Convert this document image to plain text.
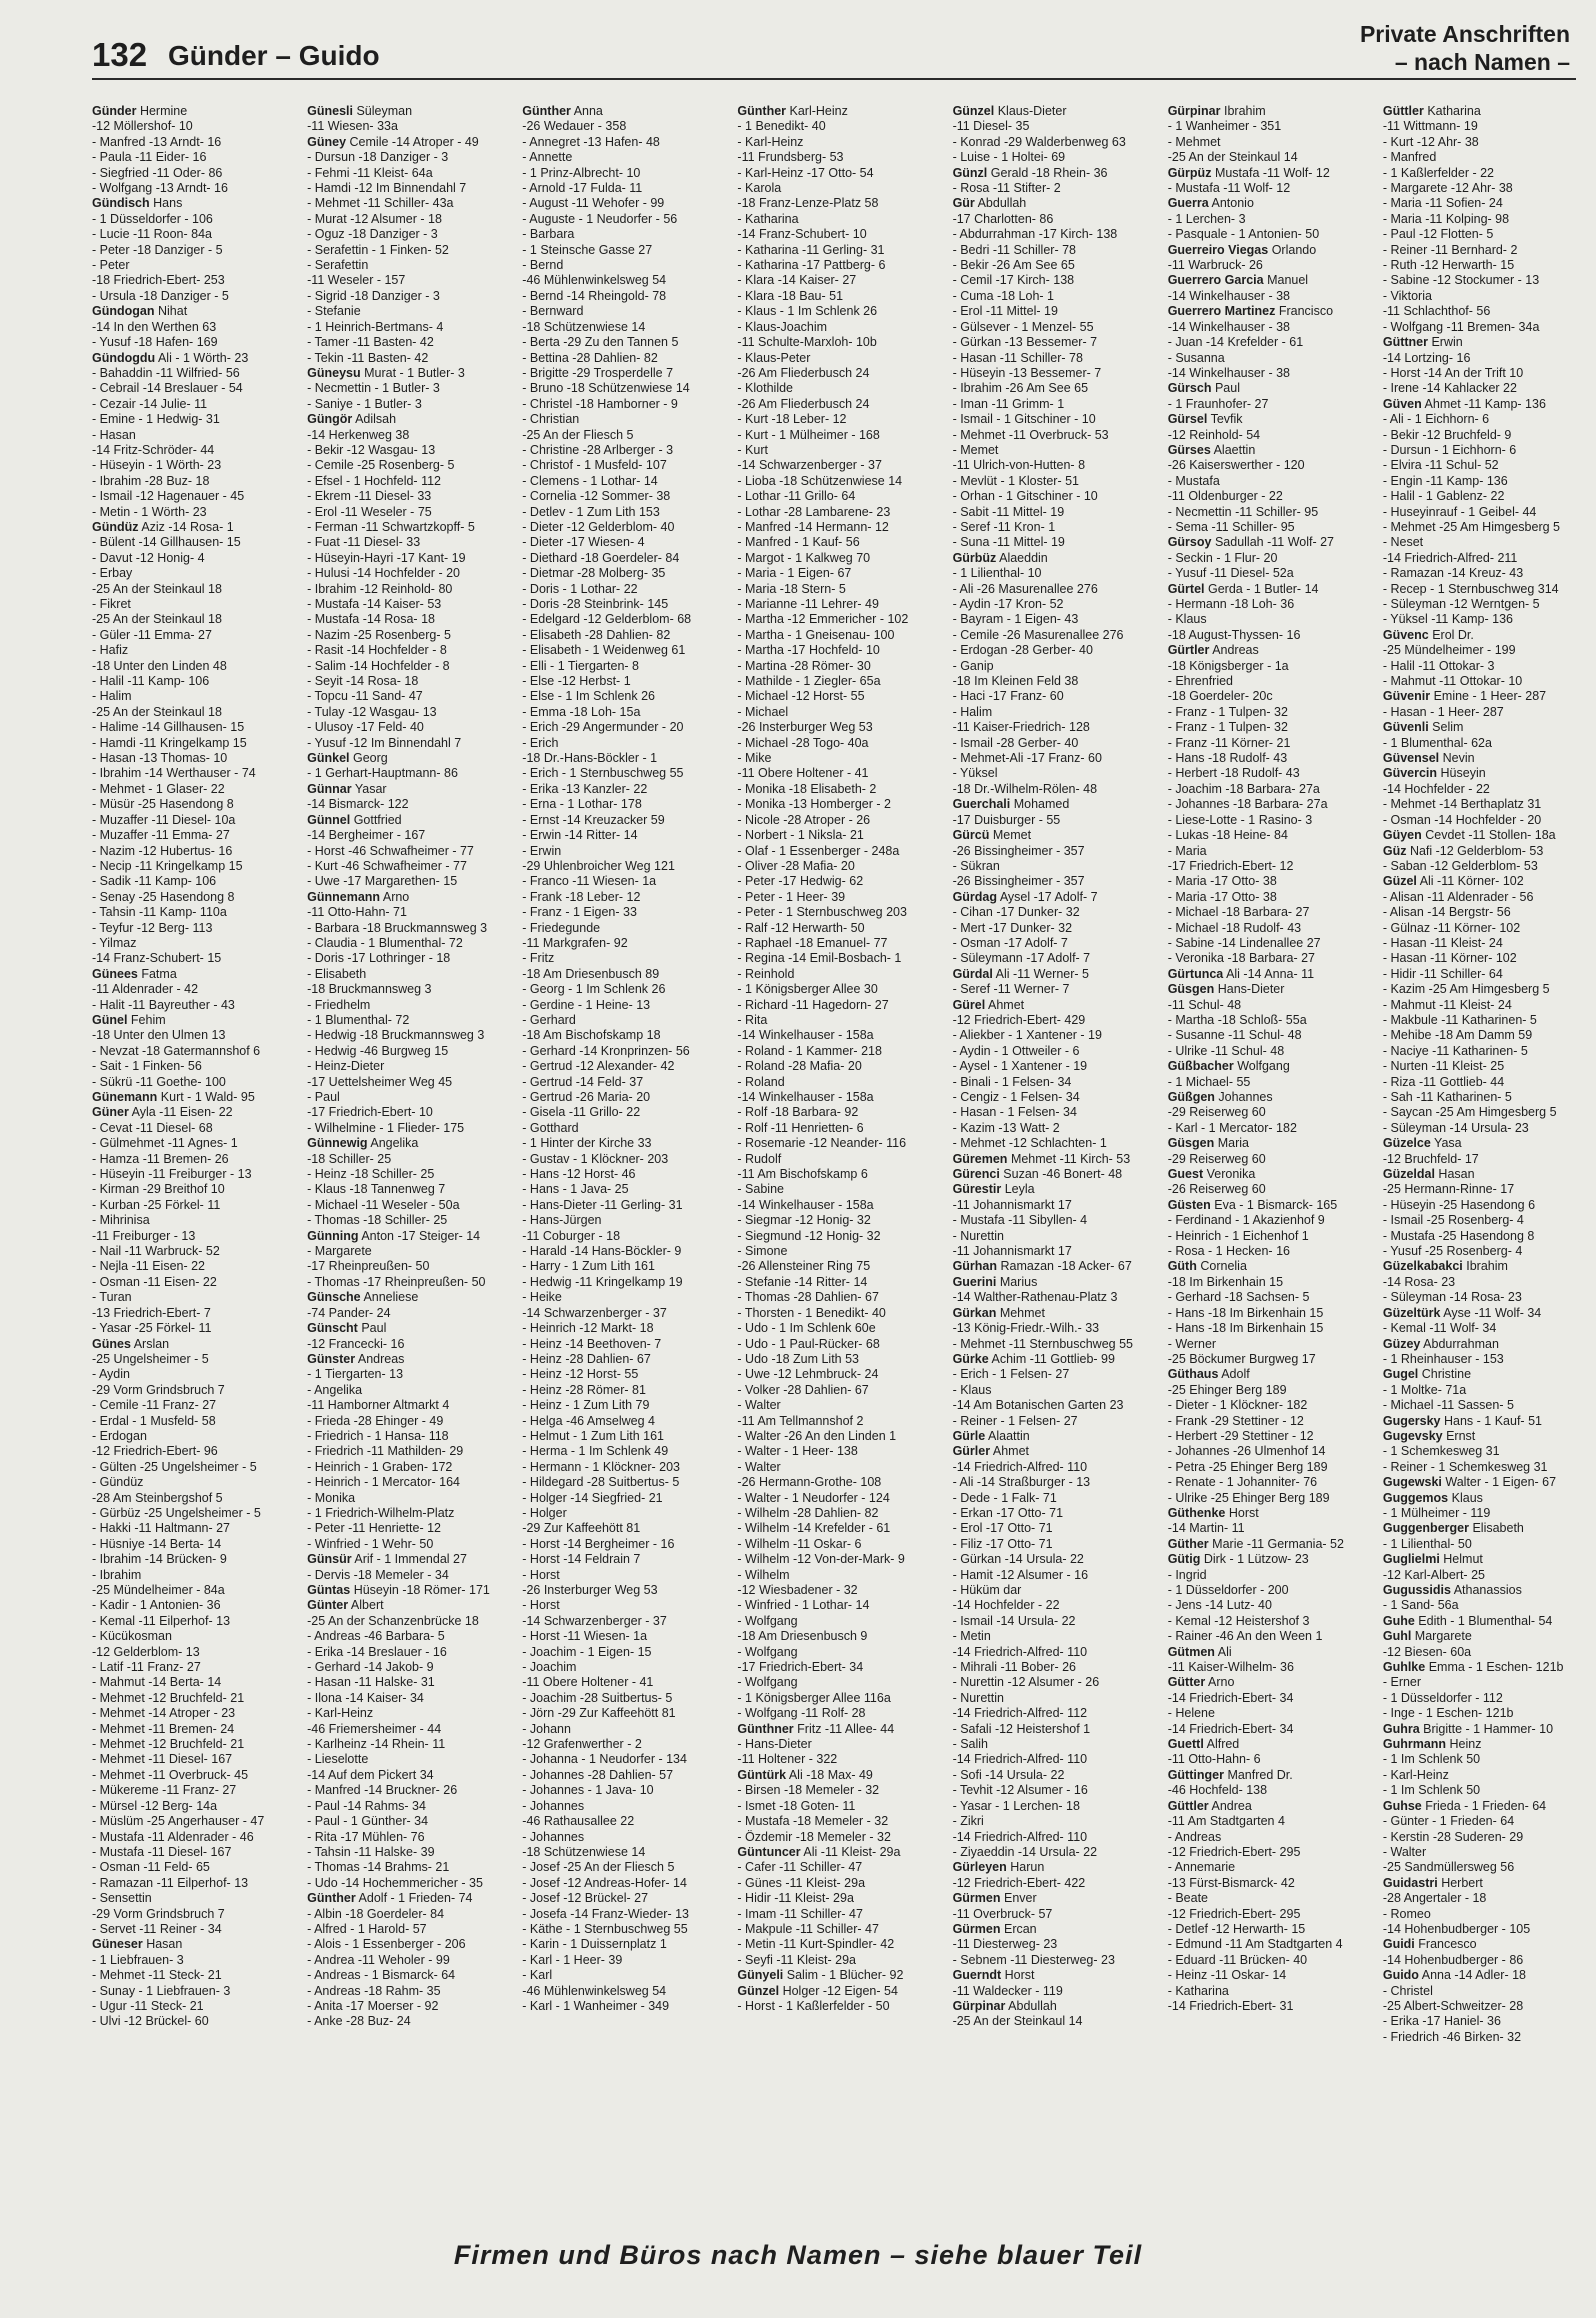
132 Günder – Guido
Private Anschriften
– nach Namen –
Günder Hermine
-12 Möllershof- 10
- Manfred -13 Arndt- 16
- Paula -11 Eider- 16
- Siegfried -11 Oder- 86
- Wolfgang -13 Arndt- 16
Gündisch Hans
- 1 Düsseldorfer - 106
- Lucie -11 Roon- 84a
- Peter -18 Danziger - 5
- Peter
-18 Friedrich-Ebert- 253
- Ursula -18 Danziger - 5
Gündogan Nihat
-14 In den Werthen 63
- Yusuf -18 Hafen- 169
Gündogdu Ali - 1 Wörth- 23
- Bahaddin -11 Wilfried- 56
- Cebrail -14 Breslauer - 54
- Cezair -14 Julie- 11
- Emine - 1 Hedwig- 31
- Hasan
-14 Fritz-Schröder- 44
- Hüseyin - 1 Wörth- 23
- Ibrahim -28 Buz- 18
- Ismail -12 Hagenauer - 45
- Metin - 1 Wörth- 23
Gündüz Aziz -14 Rosa- 1
- Bülent -14 Gillhausen- 15
- Davut -12 Honig- 4
- Erbay
-25 An der Steinkaul 18
- Fikret
-25 An der Steinkaul 18
- Güler -11 Emma- 27
- Hafiz
-18 Unter den Linden 48
- Halil -11 Kamp- 106
- Halim
-25 An der Steinkaul 18
- Halime -14 Gillhausen- 15
- Hamdi -11 Kringelkamp 15
- Hasan -13 Thomas- 10
- Ibrahim -14 Werthauser - 74
- Mehmet - 1 Glaser- 22
- Müsür -25 Hasendong 8
- Muzaffer -11 Diesel- 10a
- Muzaffer -11 Emma- 27
- Nazim -12 Hubertus- 16
- Necip -11 Kringelkamp 15
- Sadik -11 Kamp- 106
- Senay -25 Hasendong 8
- Tahsin -11 Kamp- 110a
- Teyfur -12 Berg- 113
- Yilmaz
-14 Franz-Schubert- 15
Günees Fatma
-11 Aldenrader - 42
- Halit -11 Bayreuther - 43
Günel Fehim
-18 Unter den Ulmen 13
- Nevzat -18 Gatermannshof 6
- Sait - 1 Finken- 56
- Sükrü -11 Goethe- 100
Günemann Kurt - 1 Wald- 95
Güner Ayla -11 Eisen- 22
- Cevat -11 Diesel- 68
- Gülmehmet -11 Agnes- 1
- Hamza -11 Bremen- 26
- Hüseyin -11 Freiburger - 13
- Kirman -29 Breithof 10
- Kurban -25 Förkel- 11
- Mihrinisa
-11 Freiburger - 13
- Nail -11 Warbruck- 52
- Nejla -11 Eisen- 22
- Osman -11 Eisen- 22
- Turan
-13 Friedrich-Ebert- 7
- Yasar -25 Förkel- 11
Günes Arslan
-25 Ungelsheimer - 5
- Aydin
-29 Vorm Grindsbruch 7
- Cemile -11 Franz- 27
- Erdal - 1 Musfeld- 58
- Erdogan
-12 Friedrich-Ebert- 96
- Gülten -25 Ungelsheimer - 5
- Gündüz
-28 Am Steinbergshof 5
- Gürbüz -25 Ungelsheimer - 5
- Hakki -11 Haltmann- 27
- Hüsniye -14 Berta- 14
- Ibrahim -14 Brücken- 9
- Ibrahim
-25 Mündelheimer - 84a
- Kadir - 1 Antonien- 36
- Kemal -11 Eilperhof- 13
- Kücükosman
-12 Gelderblom- 13
- Latif -11 Franz- 27
- Mahmut -14 Berta- 14
- Mehmet -12 Bruchfeld- 21
- Mehmet -14 Atroper - 23
- Mehmet -11 Bremen- 24
- Mehmet -12 Bruchfeld- 21
- Mehmet -11 Diesel- 167
- Mehmet -11 Overbruck- 45
- Mükereme -11 Franz- 27
- Mürsel -12 Berg- 14a
- Müslüm -25 Angerhauser - 47
- Mustafa -11 Aldenrader - 46
- Mustafa -11 Diesel- 167
- Osman -11 Feld- 65
- Ramazan -11 Eilperhof- 13
- Sensettin
-29 Vorm Grindsbruch 7
- Servet -11 Reiner - 34
Güneser Hasan
- 1 Liebfrauen- 3
- Mehmet -11 Steck- 21
- Sunay - 1 Liebfrauen- 3
- Ugur -11 Steck- 21
- Ulvi -12 Brückel- 60
Günesli Süleyman
-11 Wiesen- 33a
Güney Cemile -14 Atroper - 49
- Dursun -18 Danziger - 3
- Fehmi -11 Kleist- 64a
- Hamdi -12 Im Binnendahl 7
- Mehmet -11 Schiller- 43a
- Murat -12 Alsumer - 18
- Oguz -18 Danziger - 3
- Serafettin - 1 Finken- 52
- Serafettin
-11 Weseler - 157
- Sigrid -18 Danziger - 3
- Stefanie
- 1 Heinrich-Bertmans- 4
- Tamer -11 Basten- 42
- Tekin -11 Basten- 42
Güneysu Murat - 1 Butler- 3
- Necmettin - 1 Butler- 3
- Saniye - 1 Butler- 3
Güngör Adilsah
-14 Herkenweg 38
- Bekir -12 Wasgau- 13
- Cemile -25 Rosenberg- 5
- Efsel - 1 Hochfeld- 112
- Ekrem -11 Diesel- 33
- Erol -11 Weseler - 75
- Ferman -11 Schwartzkopff- 5
- Fuat -11 Diesel- 33
- Hüseyin-Hayri -17 Kant- 19
- Hulusi -14 Hochfelder - 20
- Ibrahim -12 Reinhold- 80
- Mustafa -14 Kaiser- 53
- Mustafa -14 Rosa- 18
- Nazim -25 Rosenberg- 5
- Rasit -14 Hochfelder - 8
- Salim -14 Hochfelder - 8
- Seyit -14 Rosa- 18
- Topcu -11 Sand- 47
- Tulay -12 Wasgau- 13
- Ulusoy -17 Feld- 40
- Yusuf -12 Im Binnendahl 7
Günkel Georg
- 1 Gerhart-Hauptmann- 86
Günnar Yasar
-14 Bismarck- 122
Günnel Gottfried
-14 Bergheimer - 167
- Horst -46 Schwafheimer - 77
- Kurt -46 Schwafheimer - 77
- Uwe -17 Margarethen- 15
Günnemann Arno
-11 Otto-Hahn- 71
- Barbara -18 Bruckmannsweg 3
- Claudia - 1 Blumenthal- 72
- Doris -17 Lothringer - 18
- Elisabeth
-18 Bruckmannsweg 3
- Friedhelm
- 1 Blumenthal- 72
- Hedwig -18 Bruckmannsweg 3
- Hedwig -46 Burgweg 15
- Heinz-Dieter
-17 Uettelsheimer Weg 45
- Paul
-17 Friedrich-Ebert- 10
- Wilhelmine - 1 Flieder- 175
Günnewig Angelika
-18 Schiller- 25
- Heinz -18 Schiller- 25
- Klaus -18 Tannenweg 7
- Michael -11 Weseler - 50a
- Thomas -18 Schiller- 25
Günning Anton -17 Steiger- 14
- Margarete
-17 Rheinpreußen- 50
- Thomas -17 Rheinpreußen- 50
Günsche Anneliese
-74 Pander- 24
Günscht Paul
-12 Francecki- 16
Günster Andreas
- 1 Tiergarten- 13
- Angelika
-11 Hamborner Altmarkt 4
- Frieda -28 Ehinger - 49
- Friedrich - 1 Hansa- 118
- Friedrich -11 Mathilden- 29
- Heinrich - 1 Graben- 172
- Heinrich - 1 Mercator- 164
- Monika
- 1 Friedrich-Wilhelm-Platz
- Peter -11 Henriette- 12
- Winfried - 1 Wehr- 50
Günsür Arif - 1 Immendal 27
- Dervis -18 Memeler - 34
Güntas Hüseyin -18 Römer- 171
Günter Albert
-25 An der Schanzenbrücke 18
- Andreas -46 Barbara- 5
- Erika -14 Breslauer - 16
- Gerhard -14 Jakob- 9
- Hasan -11 Halske- 31
- Ilona -14 Kaiser- 34
- Karl-Heinz
-46 Friemersheimer - 44
- Karlheinz -14 Rhein- 11
- Lieselotte
-14 Auf dem Pickert 34
- Manfred -14 Bruckner- 26
- Paul -14 Rahms- 34
- Paul - 1 Günther- 34
- Rita -17 Mühlen- 76
- Tahsin -11 Halske- 39
- Thomas -14 Brahms- 21
- Udo -14 Hochemmericher - 35
Günther Adolf - 1 Frieden- 74
- Albin -18 Goerdeler- 84
- Alfred - 1 Harold- 57
- Alois - 1 Essenberger - 206
- Andrea -11 Weholer - 99
- Andreas - 1 Bismarck- 64
- Andreas -18 Rahm- 35
- Anita -17 Moerser - 92
- Anke -28 Buz- 24
Günther Anna
-26 Wedauer - 358
- Annegret -13 Hafen- 48
- Annette
- 1 Prinz-Albrecht- 10
- Arnold -17 Fulda- 11
- August -11 Wehofer - 99
- Auguste - 1 Neudorfer - 56
- Barbara
- 1 Steinsche Gasse 27
- Bernd
-46 Mühlenwinkelsweg 54
- Bernd -14 Rheingold- 78
- Bernward
-18 Schützenwiese 14
- Berta -29 Zu den Tannen 5
- Bettina -28 Dahlien- 82
- Brigitte -29 Trosperdelle 7
- Bruno -18 Schützenwiese 14
- Christel -18 Hamborner - 9
- Christian
-25 An der Fliesch 5
- Christine -28 Arlberger - 3
- Christof - 1 Musfeld- 107
- Clemens - 1 Lothar- 14
- Cornelia -12 Sommer- 38
- Detlev - 1 Zum Lith 153
- Dieter -12 Gelderblom- 40
- Dieter -17 Wiesen- 4
- Diethard -18 Goerdeler- 84
- Dietmar -28 Molberg- 35
- Doris - 1 Lothar- 22
- Doris -28 Steinbrink- 145
- Edelgard -12 Gelderblom- 68
- Elisabeth -28 Dahlien- 82
- Elisabeth - 1 Weidenweg 61
- Elli - 1 Tiergarten- 8
- Else -12 Herbst- 1
- Else - 1 Im Schlenk 26
- Emma -18 Loh- 15a
- Erich -29 Angermunder - 20
- Erich
-18 Dr.-Hans-Böckler - 1
- Erich - 1 Sternbuschweg 55
- Erika -13 Kanzler- 22
- Erna - 1 Lothar- 178
- Ernst -14 Kreuzacker 59
- Erwin -14 Ritter- 14
- Erwin
-29 Uhlenbroicher Weg 121
- Franco -11 Wiesen- 1a
- Frank -18 Leber- 12
- Franz - 1 Eigen- 33
- Friedegunde
-11 Markgrafen- 92
- Fritz
-18 Am Driesenbusch 89
- Georg - 1 Im Schlenk 26
- Gerdine - 1 Heine- 13
- Gerhard
-18 Am Bischofskamp 18
- Gerhard -14 Kronprinzen- 56
- Gertrud -12 Alexander- 42
- Gertrud -14 Feld- 37
- Gertrud -26 Maria- 20
- Gisela -11 Grillo- 22
- Gotthard
- 1 Hinter der Kirche 33
- Gustav - 1 Klöckner- 203
- Hans -12 Horst- 46
- Hans - 1 Java- 25
- Hans-Dieter -11 Gerling- 31
- Hans-Jürgen
-11 Coburger - 18
- Harald -14 Hans-Böckler- 9
- Harry - 1 Zum Lith 161
- Hedwig -11 Kringelkamp 19
- Heike
-14 Schwarzenberger - 37
- Heinrich -12 Markt- 18
- Heinz -14 Beethoven- 7
- Heinz -28 Dahlien- 67
- Heinz -12 Horst- 55
- Heinz -28 Römer- 81
- Heinz - 1 Zum Lith 79
- Helga -46 Amselweg 4
- Helmut - 1 Zum Lith 161
- Herma - 1 Im Schlenk 49
- Hermann - 1 Klöckner- 203
- Hildegard -28 Suitbertus- 5
- Holger -14 Siegfried- 21
- Holger
-29 Zur Kaffeehött 81
- Horst -14 Bergheimer - 16
- Horst -14 Feldrain 7
- Horst
-26 Insterburger Weg 53
- Horst
-14 Schwarzenberger - 37
- Horst -11 Wiesen- 1a
- Joachim - 1 Eigen- 15
- Joachim
-11 Obere Holtener - 41
- Joachim -28 Suitbertus- 5
- Jörn -29 Zur Kaffeehött 81
- Johann
-12 Grafenwerther - 2
- Johanna - 1 Neudorfer - 134
- Johannes -28 Dahlien- 57
- Johannes - 1 Java- 10
- Johannes
-46 Rathausallee 22
- Johannes
-18 Schützenwiese 14
- Josef -25 An der Fliesch 5
- Josef -12 Andreas-Hofer- 14
- Josef -12 Brückel- 27
- Josefa -14 Franz-Wieder- 13
- Käthe - 1 Sternbuschweg 55
- Karin - 1 Duissernplatz 1
- Karl - 1 Heer- 39
- Karl
-46 Mühlenwinkelsweg 54
- Karl - 1 Wanheimer - 349
Günther Karl-Heinz
- 1 Benedikt- 40
- Karl-Heinz
-11 Frundsberg- 53
- Karl-Heinz -17 Otto- 54
- Karola
-18 Franz-Lenze-Platz 58
- Katharina
-14 Franz-Schubert- 10
- Katharina -11 Gerling- 31
- Katharina -17 Pattberg- 6
- Klara -14 Kaiser- 27
- Klara -18 Bau- 51
- Klaus - 1 Im Schlenk 26
- Klaus-Joachim
-11 Schulte-Marxloh- 10b
- Klaus-Peter
-26 Am Fliederbusch 24
- Klothilde
-26 Am Fliederbusch 24
- Kurt -18 Leber- 12
- Kurt - 1 Mülheimer - 168
- Kurt
-14 Schwarzenberger - 37
- Lioba -18 Schützenwiese 14
- Lothar -11 Grillo- 64
- Lothar -28 Lambarene- 23
- Manfred -14 Hermann- 12
- Manfred - 1 Kauf- 56
- Margot - 1 Kalkweg 70
- Maria - 1 Eigen- 67
- Maria -18 Stern- 5
- Marianne -11 Lehrer- 49
- Martha -12 Emmericher - 102
- Martha - 1 Gneisenau- 100
- Martha -17 Hochfeld- 10
- Martina -28 Römer- 30
- Mathilde - 1 Ziegler- 65a
- Michael -12 Horst- 55
- Michael
-26 Insterburger Weg 53
- Michael -28 Togo- 40a
- Mike
-11 Obere Holtener - 41
- Monika -18 Elisabeth- 2
- Monika -13 Homberger - 2
- Nicole -28 Atroper - 26
- Norbert - 1 Niksla- 21
- Olaf - 1 Essenberger - 248a
- Oliver -28 Mafia- 20
- Peter -17 Hedwig- 62
- Peter - 1 Heer- 39
- Peter - 1 Sternbuschweg 203
- Ralf -12 Herwarth- 50
- Raphael -18 Emanuel- 77
- Regina -14 Emil-Bosbach- 1
- Reinhold
- 1 Königsberger Allee 30
- Richard -11 Hagedorn- 27
- Rita
-14 Winkelhauser - 158a
- Roland - 1 Kammer- 218
- Roland -28 Mafia- 20
- Roland
-14 Winkelhauser - 158a
- Rolf -18 Barbara- 92
- Rolf -11 Henrietten- 6
- Rosemarie -12 Neander- 116
- Rudolf
-11 Am Bischofskamp 6
- Sabine
-14 Winkelhauser - 158a
- Siegmar -12 Honig- 32
- Siegmund -12 Honig- 32
- Simone
-26 Allensteiner Ring 75
- Stefanie -14 Ritter- 14
- Thomas -28 Dahlien- 67
- Thorsten - 1 Benedikt- 40
- Udo - 1 Im Schlenk 60e
- Udo - 1 Paul-Rücker- 68
- Udo -18 Zum Lith 53
- Uwe -12 Lehmbruck- 24
- Volker -28 Dahlien- 67
- Walter
-11 Am Tellmannshof 2
- Walter -26 An den Linden 1
- Walter - 1 Heer- 138
- Walter
-26 Hermann-Grothe- 108
- Walter - 1 Neudorfer - 124
- Wilhelm -28 Dahlien- 82
- Wilhelm -14 Krefelder - 61
- Wilhelm -11 Oskar- 6
- Wilhelm -12 Von-der-Mark- 9
- Wilhelm
-12 Wiesbadener - 32
- Winfried - 1 Lothar- 14
- Wolfgang
-18 Am Driesenbusch 9
- Wolfgang
-17 Friedrich-Ebert- 34
- Wolfgang
- 1 Königsberger Allee 116a
- Wolfgang -11 Rolf- 28
Günthner Fritz -11 Allee- 44
- Hans-Dieter
-11 Holtener - 322
Güntürk Ali -18 Max- 49
- Birsen -18 Memeler - 32
- Ismet -18 Goten- 11
- Mustafa -18 Memeler - 32
- Özdemir -18 Memeler - 32
Güntuncer Ali -11 Kleist- 29a
- Cafer -11 Schiller- 47
- Günes -11 Kleist- 29a
- Hidir -11 Kleist- 29a
- Imam -11 Schiller- 47
- Makpule -11 Schiller- 47
- Metin -11 Kurt-Spindler- 42
- Seyfi -11 Kleist- 29a
Günyeli Salim - 1 Blücher- 92
Günzel Holger -12 Eigen- 54
- Horst - 1 Kaßlerfelder - 50
Günzel Klaus-Dieter
-11 Diesel- 35
- Konrad -29 Walderbenweg 63
- Luise - 1 Holtei- 69
Günzl Gerald -18 Rhein- 36
- Rosa -11 Stifter- 2
Gür Abdullah
-17 Charlotten- 86
- Abdurrahman -17 Kirch- 138
- Bedri -11 Schiller- 78
- Bekir -26 Am See 65
- Cemil -17 Kirch- 138
- Cuma -18 Loh- 1
- Erol -11 Mittel- 19
- Gülsever - 1 Menzel- 55
- Gürkan -13 Bessemer- 7
- Hasan -11 Schiller- 78
- Hüseyin -13 Bessemer- 7
- Ibrahim -26 Am See 65
- Iman -11 Grimm- 1
- Ismail - 1 Gitschiner - 10
- Mehmet -11 Overbruck- 53
- Memet
-11 Ulrich-von-Hutten- 8
- Mevlüt - 1 Kloster- 51
- Orhan - 1 Gitschiner - 10
- Sabit -11 Mittel- 19
- Seref -11 Kron- 1
- Suna -11 Mittel- 19
Gürbüz Alaeddin
- 1 Lilienthal- 10
- Ali -26 Masurenallee 276
- Aydin -17 Kron- 52
- Bayram - 1 Eigen- 43
- Cemile -26 Masurenallee 276
- Erdogan -28 Gerber- 40
- Ganip
-18 Im Kleinen Feld 38
- Haci -17 Franz- 60
- Halim
-11 Kaiser-Friedrich- 128
- Ismail -28 Gerber- 40
- Mehmet-Ali -17 Franz- 60
- Yüksel
-18 Dr.-Wilhelm-Rölen- 48
Guerchali Mohamed
-17 Duisburger - 55
Gürcü Memet
-26 Bissingheimer - 357
- Sükran
-26 Bissingheimer - 357
Gürdag Aysel -17 Adolf- 7
- Cihan -17 Dunker- 32
- Mert -17 Dunker- 32
- Osman -17 Adolf- 7
- Süleymann -17 Adolf- 7
Gürdal Ali -11 Werner- 5
- Seref -11 Werner- 7
Gürel Ahmet
-12 Friedrich-Ebert- 429
- Aliekber - 1 Xantener - 19
- Aydin - 1 Ottweiler - 6
- Aysel - 1 Xantener - 19
- Binali - 1 Felsen- 34
- Cengiz - 1 Felsen- 34
- Hasan - 1 Felsen- 34
- Kazim -13 Watt- 2
- Mehmet -12 Schlachten- 1
Güremen Mehmet -11 Kirch- 53
Gürenci Suzan -46 Bonert- 48
Gürestir Leyla
-11 Johannismarkt 17
- Mustafa -11 Sibyllen- 4
- Nurettin
-11 Johannismarkt 17
Gürhan Ramazan -18 Acker- 67
Guerini Marius
-14 Walther-Rathenau-Platz 3
Gürkan Mehmet
-13 König-Friedr.-Wilh.- 33
- Mehmet -11 Sternbuschweg 55
Gürke Achim -11 Gottlieb- 99
- Erich - 1 Felsen- 27
- Klaus
-14 Am Botanischen Garten 23
- Reiner - 1 Felsen- 27
Gürle Alaattin
Gürler Ahmet
-14 Friedrich-Alfred- 110
- Ali -14 Straßburger - 13
- Dede - 1 Falk- 71
- Erkan -17 Otto- 71
- Erol -17 Otto- 71
- Filiz -17 Otto- 71
- Gürkan -14 Ursula- 22
- Hamit -12 Alsumer - 16
- Hüküm dar
-14 Hochfelder - 22
- Ismail -14 Ursula- 22
- Metin
-14 Friedrich-Alfred- 110
- Mihrali -11 Bober- 26
- Nurettin -12 Alsumer - 26
- Nurettin
-14 Friedrich-Alfred- 112
- Safali -12 Heistershof 1
- Salih
-14 Friedrich-Alfred- 110
- Sofi -14 Ursula- 22
- Tevhit -12 Alsumer - 16
- Yasar - 1 Lerchen- 18
- Zikri
-14 Friedrich-Alfred- 110
- Ziyaeddin -14 Ursula- 22
Gürleyen Harun
-12 Friedrich-Ebert- 422
Gürmen Enver
-11 Overbruck- 57
Gürmen Ercan
-11 Diesterweg- 23
- Sebnem -11 Diesterweg- 23
Guerndt Horst
-11 Waldecker - 119
Gürpinar Abdullah
-25 An der Steinkaul 14
Gürpinar Ibrahim
- 1 Wanheimer - 351
- Mehmet
-25 An der Steinkaul 14
Gürpüz Mustafa -11 Wolf- 12
- Mustafa -11 Wolf- 12
Guerra Antonio
- 1 Lerchen- 3
- Pasquale - 1 Antonien- 50
Guerreiro Viegas Orlando
-11 Warbruck- 26
Guerrero Garcia Manuel
-14 Winkelhauser - 38
Guerrero Martinez Francisco
-14 Winkelhauser - 38
- Juan -14 Krefelder - 61
- Susanna
-14 Winkelhauser - 38
Gürsch Paul
- 1 Fraunhofer- 27
Gürsel Tevfik
-12 Reinhold- 54
Gürses Alaettin
-26 Kaiserswerther - 120
- Mustafa
-11 Oldenburger - 22
- Necmettin -11 Schiller- 95
- Sema -11 Schiller- 95
Gürsoy Sadullah -11 Wolf- 27
- Seckin - 1 Flur- 20
- Yusuf -11 Diesel- 52a
Gürtel Gerda - 1 Butler- 14
- Hermann -18 Loh- 36
- Klaus
-18 August-Thyssen- 16
Gürtler Andreas
-18 Königsberger - 1a
- Ehrenfried
-18 Goerdeler- 20c
- Franz - 1 Tulpen- 32
- Franz - 1 Tulpen- 32
- Franz -11 Körner- 21
- Hans -18 Rudolf- 43
- Herbert -18 Rudolf- 43
- Joachim -18 Barbara- 27a
- Johannes -18 Barbara- 27a
- Liese-Lotte - 1 Rasino- 3
- Lukas -18 Heine- 84
- Maria
-17 Friedrich-Ebert- 12
- Maria -17 Otto- 38
- Maria -17 Otto- 38
- Michael -18 Barbara- 27
- Michael -18 Rudolf- 43
- Sabine -14 Lindenallee 27
- Veronika -18 Barbara- 27
Gürtunca Ali -14 Anna- 11
Güsgen Hans-Dieter
-11 Schul- 48
- Martha -18 Schloß- 55a
- Susanne -11 Schul- 48
- Ulrike -11 Schul- 48
Güßbacher Wolfgang
- 1 Michael- 55
Güßgen Johannes
-29 Reiserweg 60
- Karl - 1 Mercator- 182
Güsgen Maria
-29 Reiserweg 60
Guest Veronika
-26 Reiserweg 60
Güsten Eva - 1 Bismarck- 165
- Ferdinand - 1 Akazienhof 9
- Heinrich - 1 Eichenhof 1
- Rosa - 1 Hecken- 16
Güth Cornelia
-18 Im Birkenhain 15
- Gerhard -18 Sachsen- 5
- Hans -18 Im Birkenhain 15
- Hans -18 Im Birkenhain 15
- Werner
-25 Böckumer Burgweg 17
Güthaus Adolf
-25 Ehinger Berg 189
- Dieter - 1 Klöckner- 182
- Frank -29 Stettiner - 12
- Herbert -29 Stettiner - 12
- Johannes -26 Ulmenhof 14
- Petra -25 Ehinger Berg 189
- Renate - 1 Johanniter- 76
- Ulrike -25 Ehinger Berg 189
Güthenke Horst
-14 Martin- 11
Güther Marie -11 Germania- 52
Gütig Dirk - 1 Lützow- 23
- Ingrid
- 1 Düsseldorfer - 200
- Jens -14 Lutz- 40
- Kemal -12 Heistershof 3
- Rainer -46 An den Ween 1
Gütmen Ali
-11 Kaiser-Wilhelm- 36
Gütter Arno
-14 Friedrich-Ebert- 34
- Helene
-14 Friedrich-Ebert- 34
Guettl Alfred
-11 Otto-Hahn- 6
Güttinger Manfred Dr.
-46 Hochfeld- 138
Güttler Andrea
-11 Am Stadtgarten 4
- Andreas
-12 Friedrich-Ebert- 295
- Annemarie
-13 Fürst-Bismarck- 42
- Beate
-12 Friedrich-Ebert- 295
- Detlef -12 Herwarth- 15
- Edmund -11 Am Stadtgarten 4
- Eduard -11 Brücken- 40
- Heinz -11 Oskar- 14
- Katharina
-14 Friedrich-Ebert- 31
Güttler Katharina
-11 Wittmann- 19
- Kurt -12 Ahr- 38
- Manfred
- 1 Kaßlerfelder - 22
- Margarete -12 Ahr- 38
- Maria -11 Sofien- 24
- Maria -11 Kolping- 98
- Paul -12 Flotten- 5
- Reiner -11 Bernhard- 2
- Ruth -12 Herwarth- 15
- Sabine -12 Stockumer - 13
- Viktoria
-11 Schlachthof- 56
- Wolfgang -11 Bremen- 34a
Güttner Erwin
-14 Lortzing- 16
- Horst -14 An der Trift 10
- Irene -14 Kahlacker 22
Güven Ahmet -11 Kamp- 136
- Ali - 1 Eichhorn- 6
- Bekir -12 Bruchfeld- 9
- Dursun - 1 Eichhorn- 6
- Elvira -11 Schul- 52
- Engin -11 Kamp- 136
- Halil - 1 Gablenz- 22
- Huseyinrauf - 1 Geibel- 44
- Mehmet -25 Am Himgesberg 5
- Neset
-14 Friedrich-Alfred- 211
- Ramazan -14 Kreuz- 43
- Recep - 1 Sternbuschweg 314
- Süleyman -12 Werntgen- 5
- Yüksel -11 Kamp- 136
Güvenc Erol Dr.
-25 Mündelheimer - 199
- Halil -11 Ottokar- 3
- Mahmut -11 Ottokar- 10
Güvenir Emine - 1 Heer- 287
- Hasan - 1 Heer- 287
Güvenli Selim
- 1 Blumenthal- 62a
Güvensel Nevin
Güvercin Hüseyin
-14 Hochfelder - 22
- Mehmet -14 Berthaplatz 31
- Osman -14 Hochfelder - 20
Güyen Cevdet -11 Stollen- 18a
Güz Nafi -12 Gelderblom- 53
- Saban -12 Gelderblom- 53
Güzel Ali -11 Körner- 102
- Alisan -11 Aldenrader - 56
- Alisan -14 Bergstr- 56
- Gülnaz -11 Körner- 102
- Hasan -11 Kleist- 24
- Hasan -11 Körner- 102
- Hidir -11 Schiller- 64
- Kazim -25 Am Himgesberg 5
- Mahmut -11 Kleist- 24
- Makbule -11 Katharinen- 5
- Mehibe -18 Am Damm 59
- Naciye -11 Katharinen- 5
- Nurten -11 Kleist- 25
- Riza -11 Gottlieb- 44
- Sah -11 Katharinen- 5
- Saycan -25 Am Himgesberg 5
- Süleyman -14 Ursula- 23
Güzelce Yasa
-12 Bruchfeld- 17
Güzeldal Hasan
-25 Hermann-Rinne- 17
- Hüseyin -25 Hasendong 6
- Ismail -25 Rosenberg- 4
- Mustafa -25 Hasendong 8
- Yusuf -25 Rosenberg- 4
Güzelkabakci Ibrahim
-14 Rosa- 23
- Süleyman -14 Rosa- 23
Güzeltürk Ayse -11 Wolf- 34
- Kemal -11 Wolf- 34
Güzey Abdurrahman
- 1 Rheinhauser - 153
Gugel Christine
- 1 Moltke- 71a
- Michael -11 Sassen- 5
Gugersky Hans - 1 Kauf- 51
Gugevsky Ernst
- 1 Schemkesweg 31
- Reiner - 1 Schemkesweg 31
Gugewski Walter - 1 Eigen- 67
Guggemos Klaus
- 1 Mülheimer - 119
Guggenberger Elisabeth
- 1 Lilienthal- 50
Guglielmi Helmut
-12 Karl-Albert- 25
Gugussidis Athanassios
- 1 Sand- 56a
Guhe Edith - 1 Blumenthal- 54
Guhl Margarete
-12 Biesen- 60a
Guhlke Emma - 1 Eschen- 121b
- Erner
- 1 Düsseldorfer - 112
- Inge - 1 Eschen- 121b
Guhra Brigitte - 1 Hammer- 10
Guhrmann Heinz
- 1 Im Schlenk 50
- Karl-Heinz
- 1 Im Schlenk 50
Guhse Frieda - 1 Frieden- 64
- Günter - 1 Frieden- 64
- Kerstin -28 Suderen- 29
- Walter
-25 Sandmüllersweg 56
Guidastri Herbert
-28 Angertaler - 18
- Romeo
-14 Hohenbudberger - 105
Guidi Francesco
-14 Hohenbudberger - 86
Guido Anna -14 Adler- 18
- Christel
-25 Albert-Schweitzer- 28
- Erika -17 Haniel- 36
- Friedrich -46 Birken- 32
Firmen und Büros nach Namen – siehe blauer Teil
